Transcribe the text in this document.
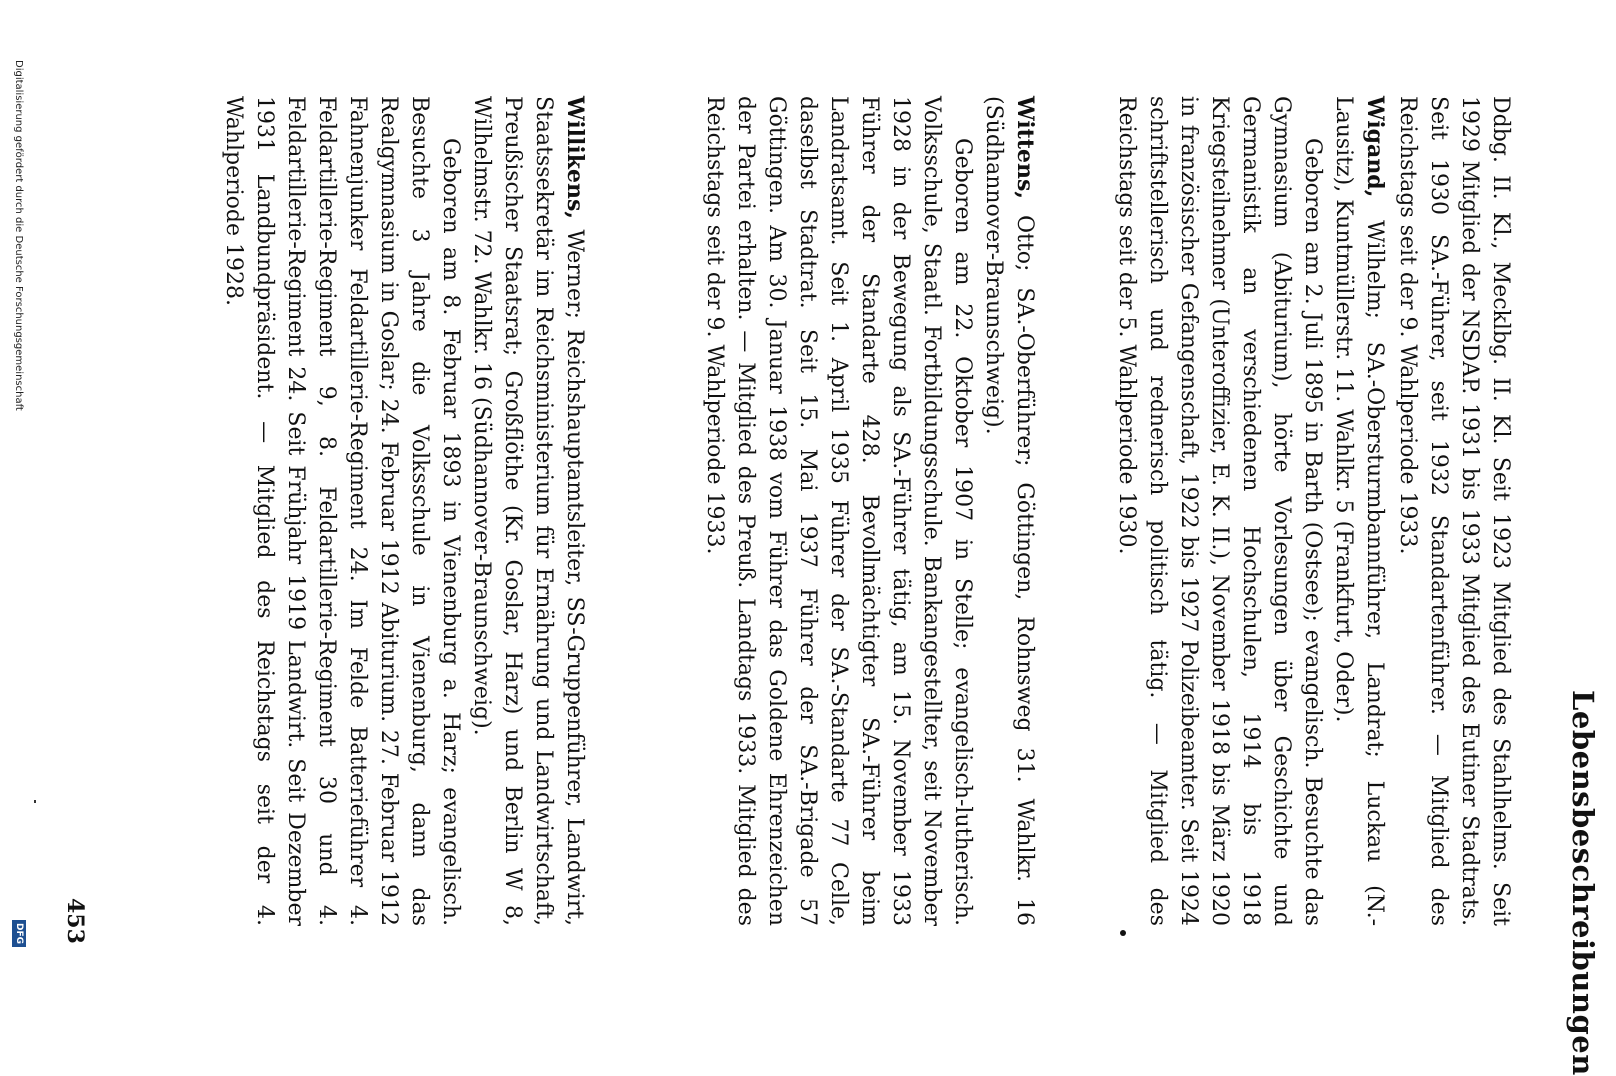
Lebensbeschreibungen

Ddbg. II. Kl., Mecklbg. II. Kl. Seit 1923 Mitglied des Stahlhelms. Seit 1929 Mitglied der NSDAP. 1931 bis 1933 Mitglied des Eutiner Stadtrats. Seit 1930 SA.-Führer, seit 1932 Standartenführer. — Mitglied des Reichstags seit der 9. Wahlperiode 1933.

Wigand, Wilhelm; SA.-Obersturmbannführer, Landrat; Luckau (N.-Lausitz), Kuntmüllerstr. 11. Wahlkr. 5 (Frankfurt, Oder).

Geboren am 2. Juli 1895 in Barth (Ostsee); evangelisch. Besuchte das Gymnasium (Abiturium), hörte Vorlesungen über Geschichte und Germanistik an verschiedenen Hochschulen, 1914 bis 1918 Kriegsteilnehmer (Unteroffizier, E. K. II.), November 1918 bis März 1920 in französischer Gefangenschaft, 1922 bis 1927 Polizeibeamter. Seit 1924 schriftstellerisch und rednerisch politisch tätig. — Mitglied des Reichstags seit der 5. Wahlperiode 1930.

Wittens, Otto; SA.-Oberführer; Göttingen, Rohnsweg 31. Wahlkr. 16 (Südhannover-Braunschweig).

Geboren am 22. Oktober 1907 in Stelle; evangelisch-lutherisch. Volksschule, Staatl. Fortbildungsschule. Bankangestellter, seit November 1928 in der Bewegung als SA.-Führer tätig, am 15. November 1933 Führer der Standarte 428. Bevollmächtigter SA.-Führer beim Landratsamt. Seit 1. April 1935 Führer der SA.-Standarte 77 Celle, daselbst Stadtrat. Seit 15. Mai 1937 Führer der SA.-Brigade 57 Göttingen. Am 30. Januar 1938 vom Führer das Goldene Ehrenzeichen der Partei erhalten. — Mitglied des Preuß. Landtags 1933. Mitglied des Reichstags seit der 9. Wahlperiode 1933.

Willikens, Werner; Reichshauptamtsleiter, SS-Gruppenführer, Landwirt, Staatssekretär im Reichsministerium für Ernährung und Landwirtschaft, Preußischer Staatsrat; Großflöthe (Kr. Goslar, Harz) und Berlin W 8, Wilhelmstr. 72. Wahlkr. 16 (Südhannover-Braunschweig).

Geboren am 8. Februar 1893 in Vienenburg a. Harz; evangelisch. Besuchte 3 Jahre die Volksschule in Vienenburg, dann das Realgymnasium in Goslar; 24. Februar 1912 Abiturium. 27. Februar 1912 Fahnenjunker Feldartillerie-Regiment 24. Im Felde Batterieführer 4. Feldartillerie-Regiment 9, 8. Feldartillerie-Regiment 30 und 4. Feldartillerie-Regiment 24. Seit Frühjahr 1919 Landwirt. Seit Dezember 1931 Landbundpräsident. — Mitglied des Reichstags seit der 4. Wahlperiode 1928.

453
Digitalisierung gefördert durch die Deutsche Forschungsgemeinschaft
DFG
